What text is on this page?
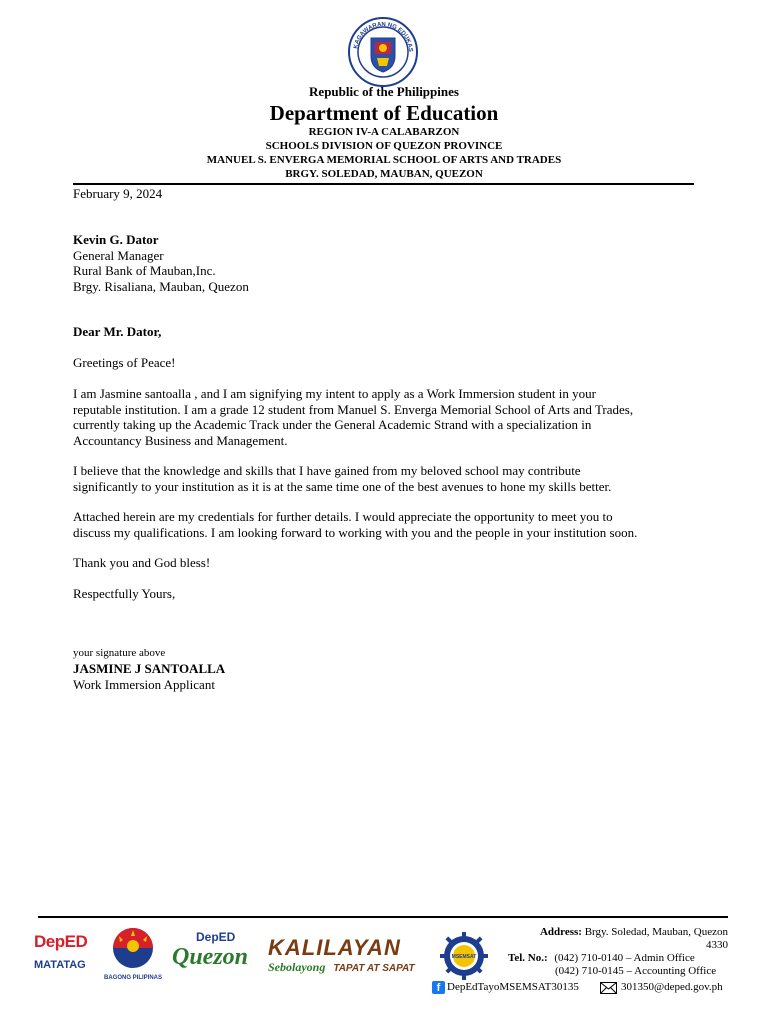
KAGAWARAN NG EDUKAS
Republic of the Philippines
Department of Education
REGION IV-A CALABARZON
SCHOOLS DIVISION OF QUEZON PROVINCE
MANUEL S. ENVERGA MEMORIAL SCHOOL OF ARTS AND TRADES
BRGY. SOLEDAD, MAUBAN, QUEZON
February 9, 2024
Kevin G. Dator
General Manager
Rural Bank of Mauban,Inc.
Brgy. Risaliana, Mauban, Quezon
Dear Mr. Dator,
Greetings of Peace!
I am Jasmine santoalla , and I am signifying my intent to apply as a Work Immersion student in your
reputable institution. I am a grade 12 student from Manuel S. Enverga Memorial School of Arts and Trades,
currently taking up the Academic Track under the General Academic Strand with a specialization in
Accountancy Business and Management.
I believe that the knowledge and skills that I have gained from my beloved school may contribute
significantly to your institution as it is at the same time one of the best avenues to hone my skills better.
Attached herein are my credentials for further details. I would appreciate the opportunity to meet you to
discuss my qualifications. I am looking forward to working with you and the people in your institution soon.
Thank you and God bless!
Respectfully Yours,
your signature above
JASMINE J SANTOALLA
Work Immersion Applicant
DepED
MATATAG
BAGONG PILIPINAS
DepED
Quezon KALILAYAN
Sebolayong TAPAT AT SAPAT
MSEMSAT
Address: Brgy. Soledad, Mauban, Quezon
4330
Tel. No.: (042) 710-0140 – Admin Office
(042) 710-0145 – Accounting Office
f DepEdTayoMSEMSAT30135	301350@deped.gov.ph
